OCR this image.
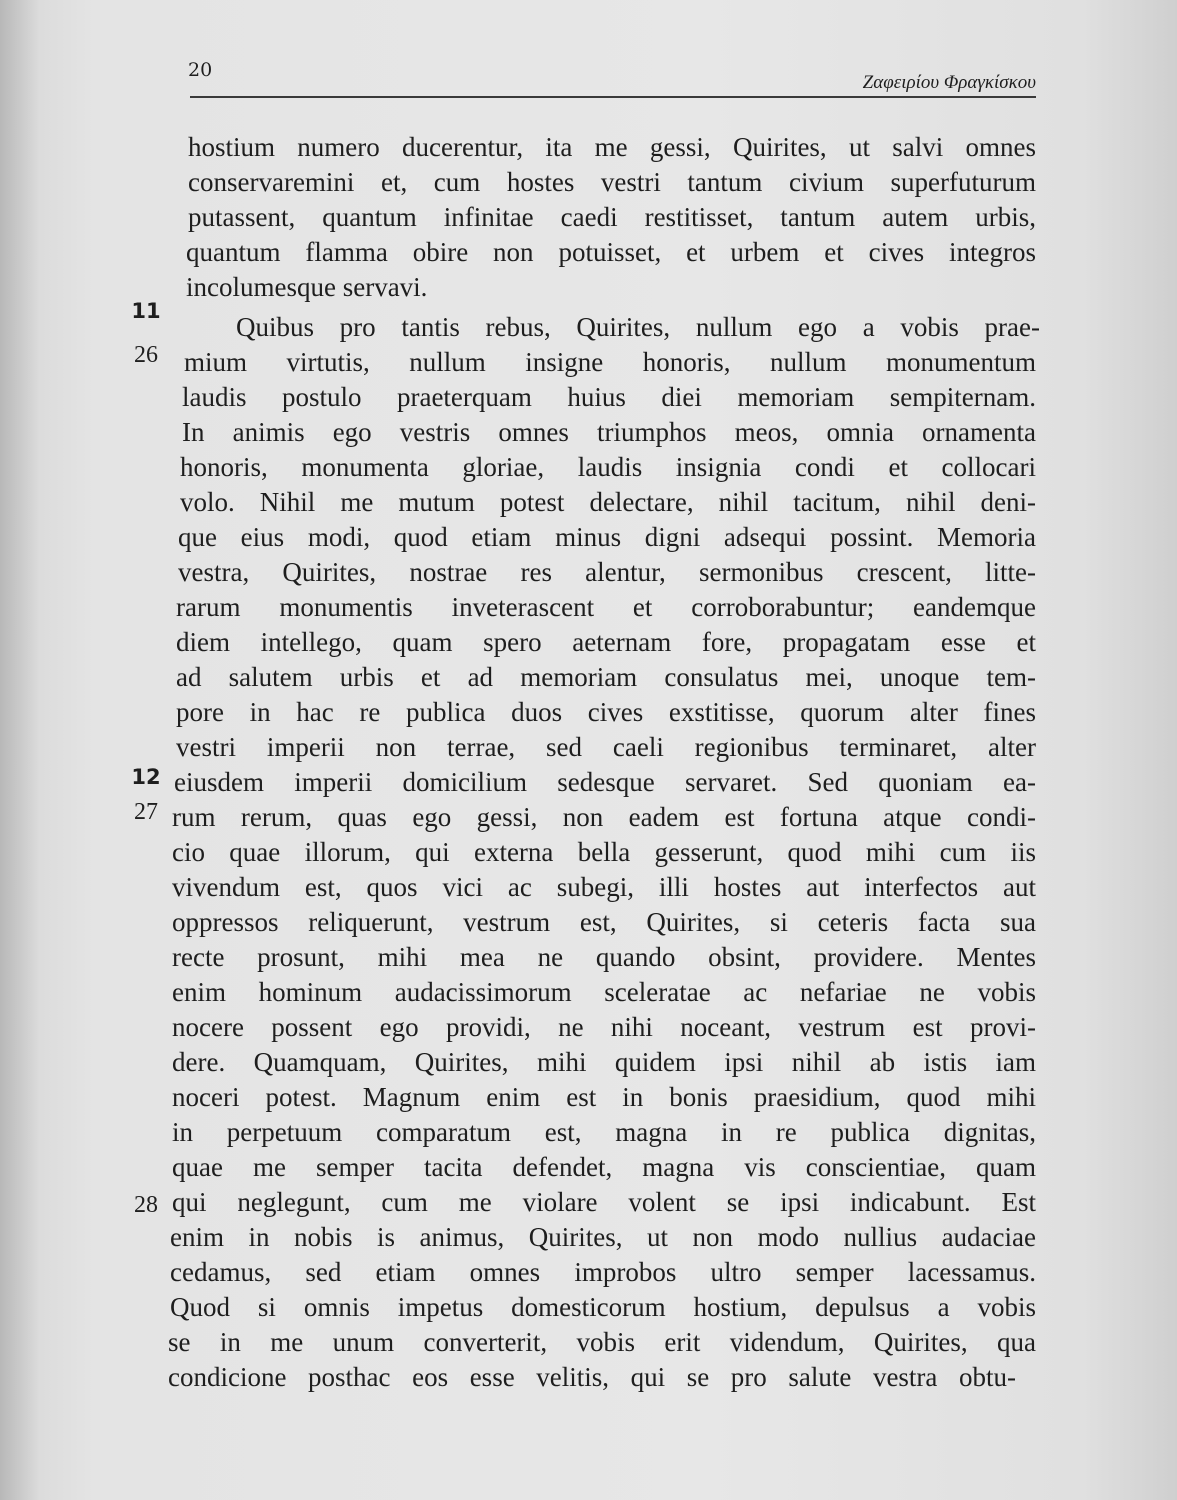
20
Ζαφειρίου Φραγκίσκου
11
26
12
27
28
hostium numero ducerentur, ita me gessi, Quirites, ut salvi omnes
conservaremini et, cum hostes vestri tantum civium superfuturum
putassent, quantum infinitae caedi restitisset, tantum autem urbis,
quantum flamma obire non potuisset, et urbem et cives integros
incolumesque servavi.
Quibus pro tantis rebus, Quirites, nullum ego a vobis prae-
mium virtutis, nullum insigne honoris, nullum monumentum
laudis postulo praeterquam huius diei memoriam sempiternam.
In animis ego vestris omnes triumphos meos, omnia ornamenta
honoris, monumenta gloriae, laudis insignia condi et collocari
volo. Nihil me mutum potest delectare, nihil tacitum, nihil deni-
que eius modi, quod etiam minus digni adsequi possint. Memoria
vestra, Quirites, nostrae res alentur, sermonibus crescent, litte-
rarum monumentis inveterascent et corroborabuntur; eandemque
diem intellego, quam spero aeternam fore, propagatam esse et
ad salutem urbis et ad memoriam consulatus mei, unoque tem-
pore in hac re publica duos cives exstitisse, quorum alter fines
vestri imperii non terrae, sed caeli regionibus terminaret, alter
eiusdem imperii domicilium sedesque servaret. Sed quoniam ea-
rum rerum, quas ego gessi, non eadem est fortuna atque condi-
cio quae illorum, qui externa bella gesserunt, quod mihi cum iis
vivendum est, quos vici ac subegi, illi hostes aut interfectos aut
oppressos reliquerunt, vestrum est, Quirites, si ceteris facta sua
recte prosunt, mihi mea ne quando obsint, providere. Mentes
enim hominum audacissimorum sceleratae ac nefariae ne vobis
nocere possent ego providi, ne nihi noceant, vestrum est provi-
dere. Quamquam, Quirites, mihi quidem ipsi nihil ab istis iam
noceri potest. Magnum enim est in bonis praesidium, quod mihi
in perpetuum comparatum est, magna in re publica dignitas,
quae me semper tacita defendet, magna vis conscientiae, quam
qui neglegunt, cum me violare volent se ipsi indicabunt. Est
enim in nobis is animus, Quirites, ut non modo nullius audaciae
cedamus, sed etiam omnes improbos ultro semper lacessamus.
Quod si omnis impetus domesticorum hostium, depulsus a vobis
se in me unum converterit, vobis erit videndum, Quirites, qua
condicione posthac eos esse velitis, qui se pro salute vestra obtu-
